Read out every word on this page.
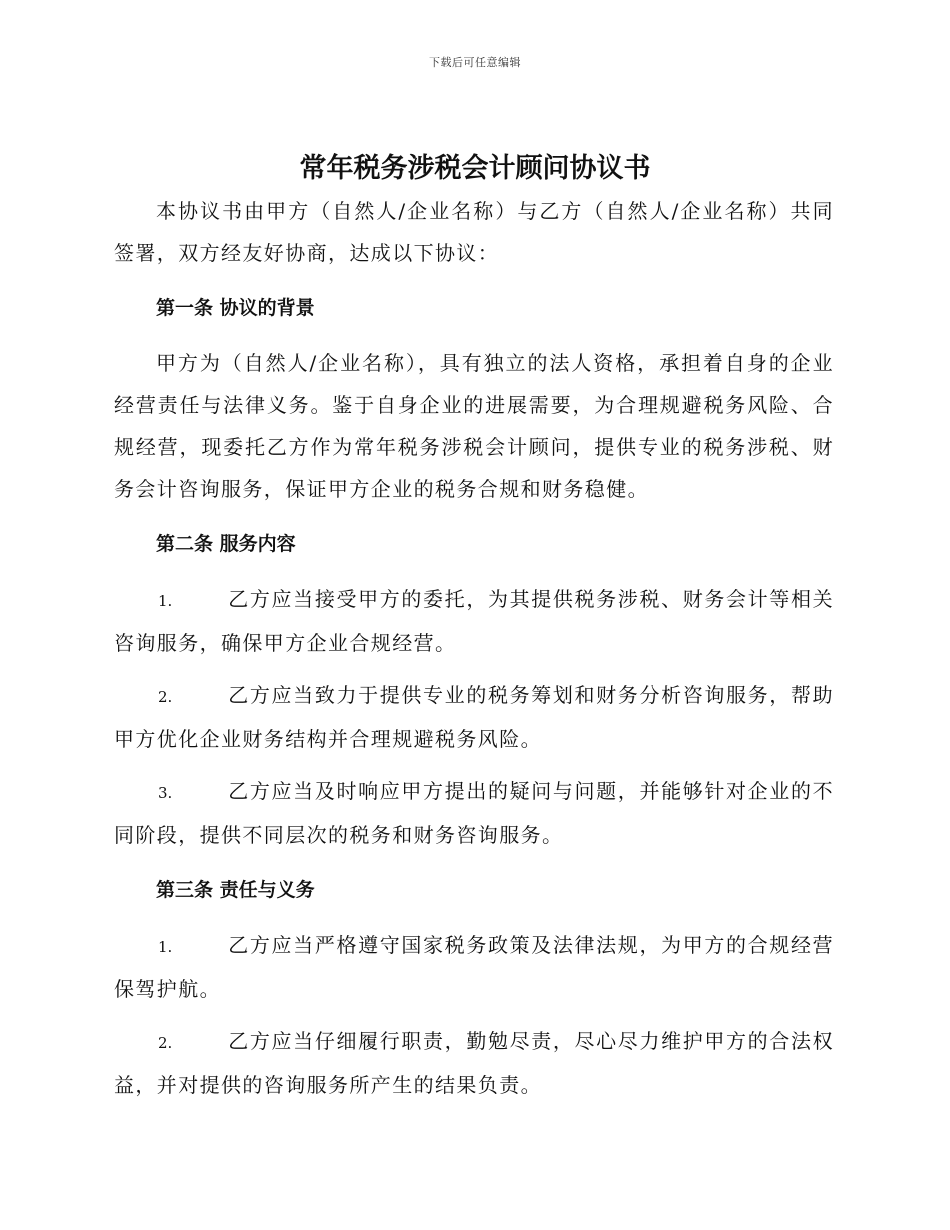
下载后可任意编辑
常年税务涉税会计顾问协议书

本协议书由甲方（自然人/企业名称）与乙方（自然人/企业名称）共同签署，双方经友好协商，达成以下协议：

第一条 协议的背景

甲方为（自然人/企业名称），具有独立的法人资格，承担着自身的企业经营责任与法律义务。鉴于自身企业的进展需要，为合理规避税务风险、合规经营，现委托乙方作为常年税务涉税会计顾问，提供专业的税务涉税、财务会计咨询服务，保证甲方企业的税务合规和财务稳健。

第二条 服务内容

1.	乙方应当接受甲方的委托，为其提供税务涉税、财务会计等相关咨询服务，确保甲方企业合规经营。

2.	乙方应当致力于提供专业的税务筹划和财务分析咨询服务，帮助甲方优化企业财务结构并合理规避税务风险。

3.	乙方应当及时响应甲方提出的疑问与问题，并能够针对企业的不同阶段，提供不同层次的税务和财务咨询服务。

第三条 责任与义务

1.	乙方应当严格遵守国家税务政策及法律法规，为甲方的合规经营保驾护航。

2.	乙方应当仔细履行职责，勤勉尽责，尽心尽力维护甲方的合法权益，并对提供的咨询服务所产生的结果负责。
